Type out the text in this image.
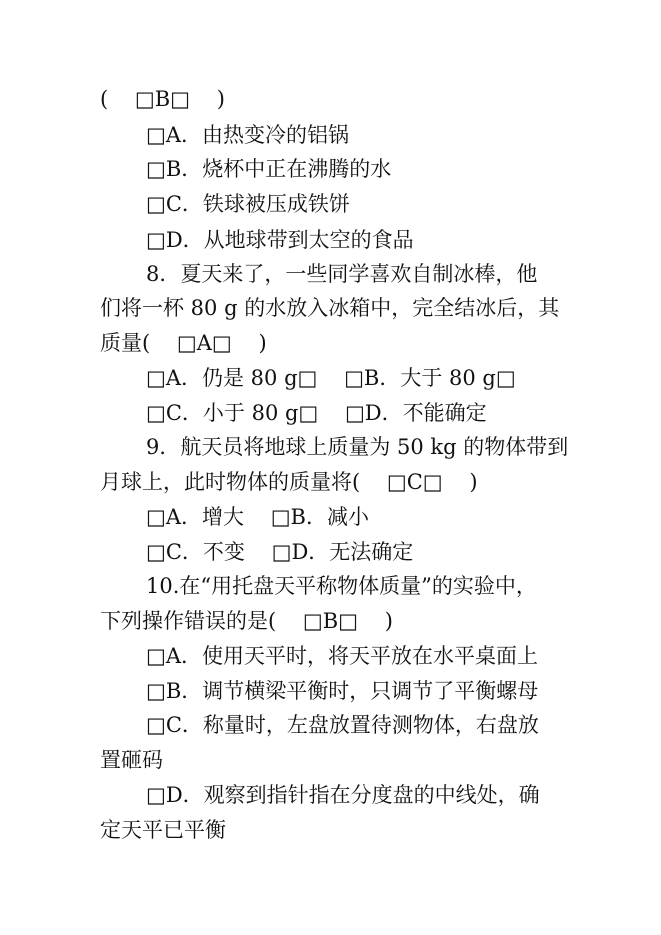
(    □B□    )
□A．由热变冷的铝锅
□B．烧杯中正在沸腾的水
□C．铁球被压成铁饼
□D．从地球带到太空的食品
8．夏天来了，一些同学喜欢自制冰棒，他
们将一杯 80 g 的水放入冰箱中，完全结冰后，其
质量(    □A□    )
□A．仍是 80 g□    □B．大于 80 g□
□C．小于 80 g□    □D．不能确定
9．航天员将地球上质量为 50 kg 的物体带到
月球上，此时物体的质量将(    □C□    )
□A．增大    □B．减小
□C．不变    □D．无法确定
10.在“用托盘天平称物体质量”的实验中，
下列操作错误的是(    □B□    )
□A．使用天平时，将天平放在水平桌面上
□B．调节横梁平衡时，只调节了平衡螺母
□C．称量时，左盘放置待测物体，右盘放
置砸码
□D．观察到指针指在分度盘的中线处，确
定天平已平衡
